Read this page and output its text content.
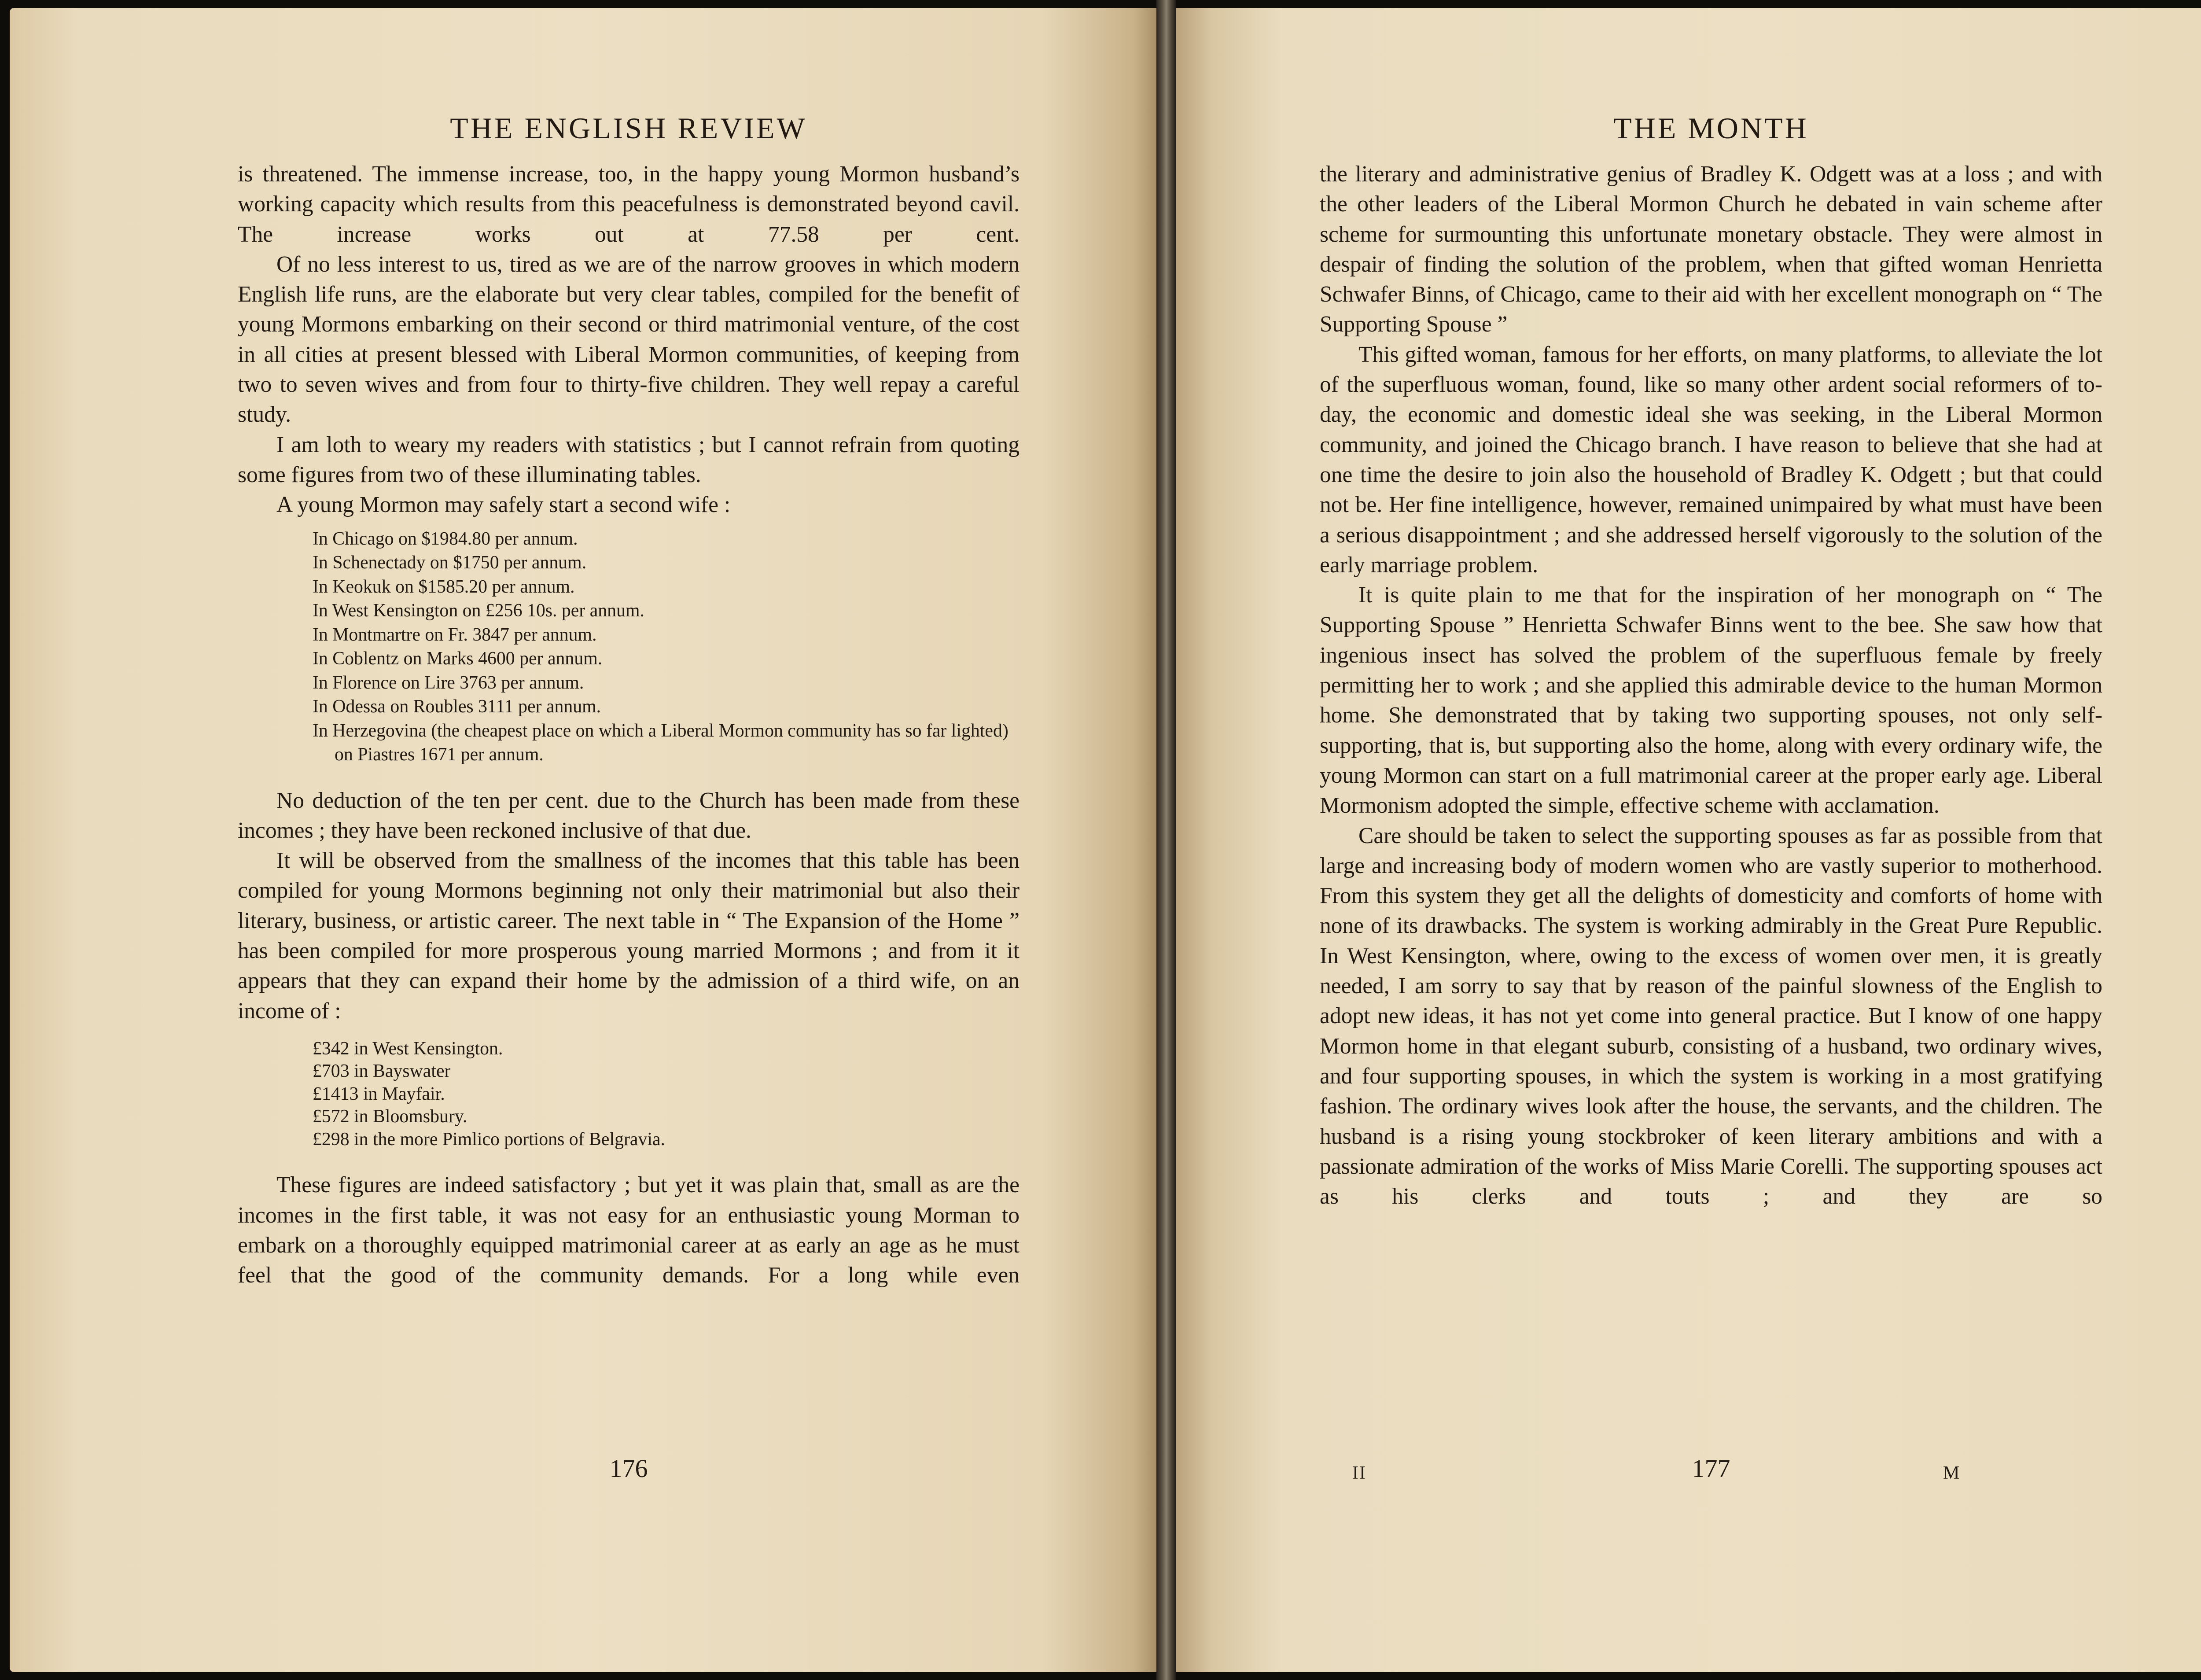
THE ENGLISH REVIEW

is threatened. The immense increase, too, in the happy young Mormon husband’s working capacity which results from this peacefulness is demonstrated beyond cavil. The increase works out at 77.58 per cent.

Of no less interest to us, tired as we are of the narrow grooves in which modern English life runs, are the elaborate but very clear tables, compiled for the benefit of young Mormons embarking on their second or third matrimonial venture, of the cost in all cities at present blessed with Liberal Mormon communities, of keeping from two to seven wives and from four to thirty-five children. They well repay a careful study.

I am loth to weary my readers with statistics ; but I cannot refrain from quoting some figures from two of these illuminating tables.

A young Mormon may safely start a second wife :

In Chicago on $1984.80 per annum.
In Schenectady on $1750 per annum.
In Keokuk on $1585.20 per annum.
In West Kensington on £256 10s. per annum.
In Montmartre on Fr. 3847 per annum.
In Coblentz on Marks 4600 per annum.
In Florence on Lire 3763 per annum.
In Odessa on Roubles 3111 per annum.
In Herzegovina (the cheapest place on which a Liberal Mormon community has so far lighted) on Piastres 1671 per annum.

No deduction of the ten per cent. due to the Church has been made from these incomes ; they have been reckoned inclusive of that due.

It will be observed from the smallness of the incomes that this table has been compiled for young Mormons beginning not only their matrimonial but also their literary, business, or artistic career. The next table in “ The Expansion of the Home ” has been compiled for more prosperous young married Mormons ; and from it it appears that they can expand their home by the admission of a third wife, on an income of :

£342 in West Kensington.
£703 in Bayswater
£1413 in Mayfair.
£572 in Bloomsbury.
£298 in the more Pimlico portions of Belgravia.

These figures are indeed satisfactory ; but yet it was plain that, small as are the incomes in the first table, it was not easy for an enthusiastic young Morman to embark on a thoroughly equipped matrimonial career at as early an age as he must feel that the good of the community demands. For a long while even

176
THE MONTH

the literary and administrative genius of Bradley K. Odgett was at a loss ; and with the other leaders of the Liberal Mormon Church he debated in vain scheme after scheme for surmounting this unfortunate monetary obstacle. They were almost in despair of finding the solution of the problem, when that gifted woman Henrietta Schwafer Binns, of Chicago, came to their aid with her excellent monograph on “ The Supporting Spouse ”

This gifted woman, famous for her efforts, on many platforms, to alleviate the lot of the superfluous woman, found, like so many other ardent social reformers of to-day, the economic and domestic ideal she was seeking, in the Liberal Mormon community, and joined the Chicago branch. I have reason to believe that she had at one time the desire to join also the household of Bradley K. Odgett ; but that could not be. Her fine intelligence, however, remained unimpaired by what must have been a serious disappointment ; and she addressed herself vigorously to the solution of the early marriage problem.

It is quite plain to me that for the inspiration of her monograph on “ The Supporting Spouse ” Henrietta Schwafer Binns went to the bee. She saw how that ingenious insect has solved the problem of the superfluous female by freely permitting her to work ; and she applied this admirable device to the human Mormon home. She demonstrated that by taking two supporting spouses, not only self-supporting, that is, but supporting also the home, along with every ordinary wife, the young Mormon can start on a full matrimonial career at the proper early age. Liberal Mormonism adopted the simple, effective scheme with acclamation.

Care should be taken to select the supporting spouses as far as possible from that large and increasing body of modern women who are vastly superior to motherhood. From this system they get all the delights of domesticity and comforts of home with none of its drawbacks. The system is working admirably in the Great Pure Republic. In West Kensington, where, owing to the excess of women over men, it is greatly needed, I am sorry to say that by reason of the painful slowness of the English to adopt new ideas, it has not yet come into general practice. But I know of one happy Mormon home in that elegant suburb, consisting of a husband, two ordinary wives, and four supporting spouses, in which the system is working in a most gratifying fashion. The ordinary wives look after the house, the servants, and the children. The husband is a rising young stockbroker of keen literary ambitions and with a passionate admiration of the works of Miss Marie Corelli. The supporting spouses act as his clerks and touts ; and they are so

II	177	M
